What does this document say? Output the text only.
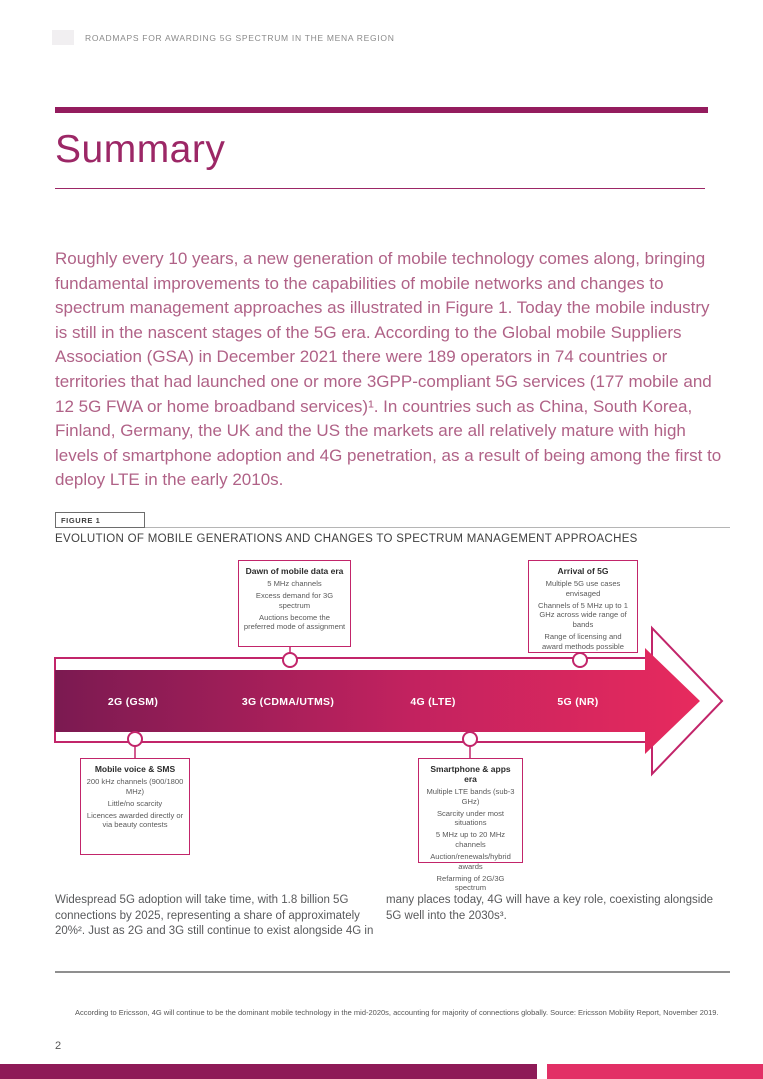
ROADMAPS FOR AWARDING 5G SPECTRUM IN THE MENA REGION
Summary

Roughly every 10 years, a new generation of mobile technology comes along, bringing fundamental improvements to the capabilities of mobile networks and changes to spectrum management approaches as illustrated in Figure 1. Today the mobile industry is still in the nascent stages of the 5G era. According to the Global mobile Suppliers Association (GSA) in December 2021 there were 189 operators in 74 countries or territories that had launched one or more 3GPP-compliant 5G services (177 mobile and 12 5G FWA or home broadband services)¹. In countries such as China, South Korea, Finland, Germany, the UK and the US the markets are all relatively mature with high levels of smartphone adoption and 4G penetration, as a result of being among the first to deploy LTE in the early 2010s.

FIGURE 1
EVOLUTION OF MOBILE GENERATIONS AND CHANGES TO SPECTRUM MANAGEMENT APPROACHES
2G (GSM)	3G (CDMA/UTMS)	4G (LTE)	5G (NR)
Dawn of mobile data era
5 MHz channels
Excess demand for 3G spectrum
Auctions become the preferred mode of assignment
Arrival of 5G
Multiple 5G use cases envisaged
Channels of 5 MHz up to 1 GHz across wide range of bands
Range of licensing and award methods possible
Mobile voice & SMS
200 kHz channels (900/1800 MHz)
Little/no scarcity
Licences awarded directly or via beauty contests
Smartphone & apps era
Multiple LTE bands (sub-3 GHz)
Scarcity under most situations
5 MHz up to 20 MHz channels
Auction/renewals/hybrid awards
Refarming of 2G/3G spectrum
Widespread 5G adoption will take time, with 1.8 billion 5G connections by 2025, representing a share of approximately 20%². Just as 2G and 3G still continue to exist alongside 4G in
many places today, 4G will have a key role, coexisting alongside 5G well into the 2030s³.
According to Ericsson, 4G will continue to be the dominant mobile technology in the mid-2020s, accounting for majority of connections globally. Source: Ericsson Mobility Report, November 2019.
2
